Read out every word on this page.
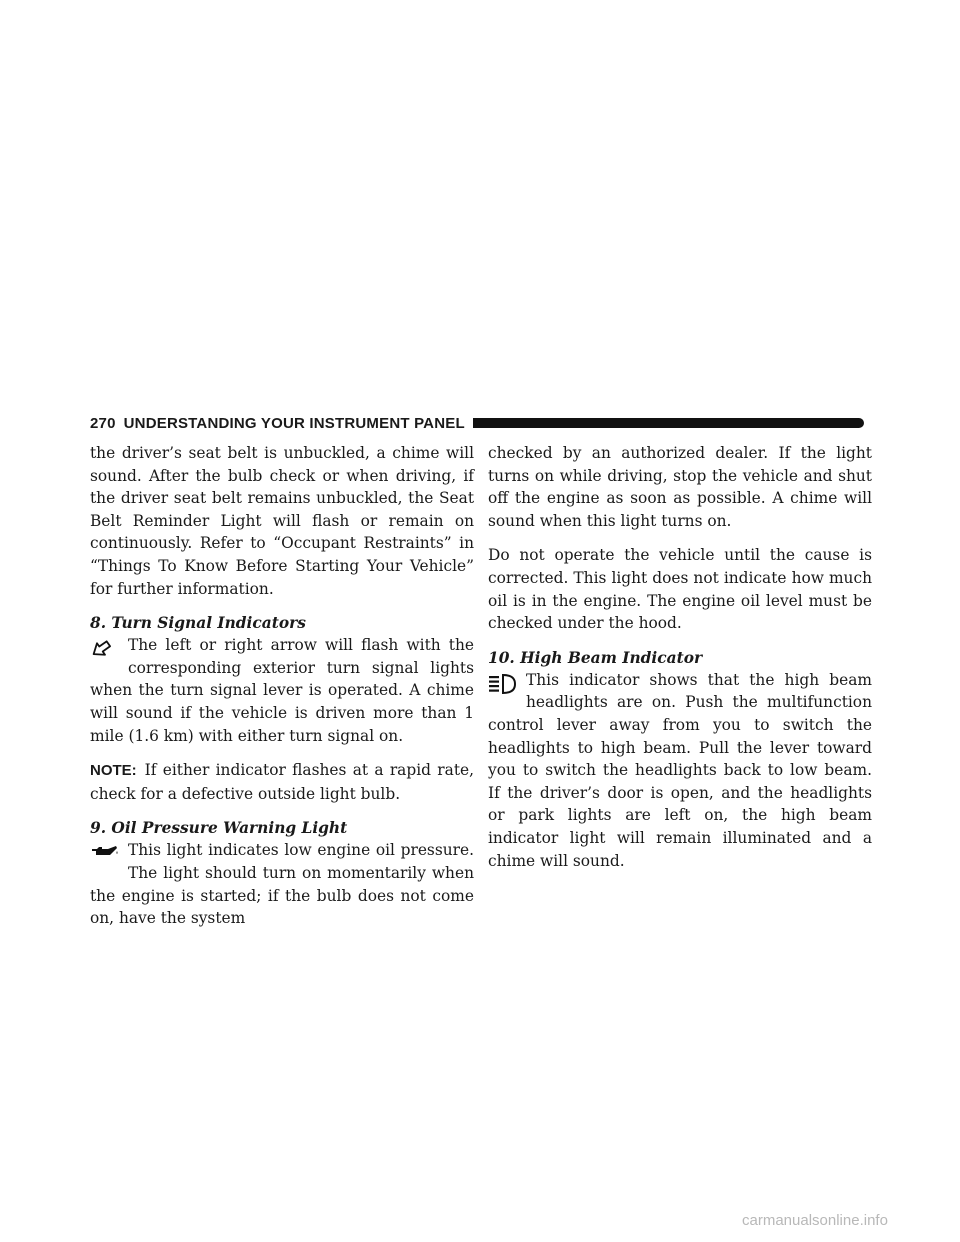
270 UNDERSTANDING YOUR INSTRUMENT PANEL

the driver’s seat belt is unbuckled, a chime will sound. After the bulb check or when driving, if the driver seat belt remains unbuckled, the Seat Belt Reminder Light will flash or remain on continuously. Refer to “Occupant Restraints” in “Things To Know Before Starting Your Vehicle” for further information.

8. Turn Signal Indicators
The left or right arrow will flash with the corresponding exterior turn signal lights when the turn signal lever is operated. A chime will sound if the vehicle is driven more than 1 mile (1.6 km) with either turn signal on.

NOTE: If either indicator flashes at a rapid rate, check for a defective outside light bulb.

9. Oil Pressure Warning Light
This light indicates low engine oil pressure. The light should turn on momentarily when the engine is started; if the bulb does not come on, have the system

checked by an authorized dealer. If the light turns on while driving, stop the vehicle and shut off the engine as soon as possible. A chime will sound when this light turns on.

Do not operate the vehicle until the cause is corrected. This light does not indicate how much oil is in the engine. The engine oil level must be checked under the hood.

10. High Beam Indicator
This indicator shows that the high beam headlights are on. Push the multifunction control lever away from you to switch the headlights to high beam. Pull the lever toward you to switch the headlights back to low beam. If the driver’s door is open, and the headlights or park lights are left on, the high beam indicator light will remain illuminated and a chime will sound.
carmanualsonline.info
